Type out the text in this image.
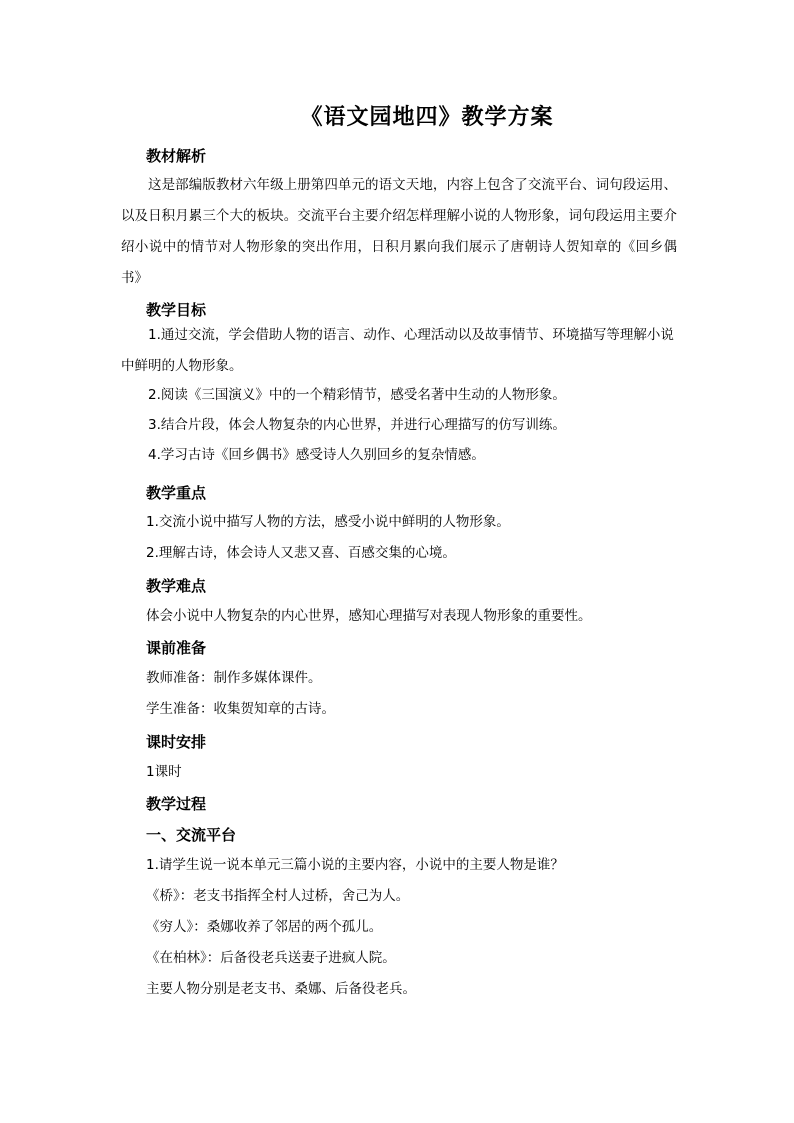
《语文园地四》教学方案
教材解析
这是部编版教材六年级上册第四单元的语文天地，内容上包含了交流平台、词句段运用、以及日积月累三个大的板块。交流平台主要介绍怎样理解小说的人物形象，词句段运用主要介绍小说中的情节对人物形象的突出作用，日积月累向我们展示了唐朝诗人贺知章的《回乡偶书》
教学目标
1.通过交流，学会借助人物的语言、动作、心理活动以及故事情节、环境描写等理解小说中鲜明的人物形象。
2.阅读《三国演义》中的一个精彩情节，感受名著中生动的人物形象。
3.结合片段，体会人物复杂的内心世界，并进行心理描写的仿写训练。
4.学习古诗《回乡偶书》感受诗人久别回乡的复杂情感。
教学重点
1.交流小说中描写人物的方法，感受小说中鲜明的人物形象。
2.理解古诗，体会诗人又悲又喜、百感交集的心境。
教学难点
体会小说中人物复杂的内心世界，感知心理描写对表现人物形象的重要性。
课前准备
教师准备：制作多媒体课件。
学生准备：收集贺知章的古诗。
课时安排
1课时
教学过程
一、交流平台
1.请学生说一说本单元三篇小说的主要内容，小说中的主要人物是谁？
《桥》：老支书指挥全村人过桥，舍己为人。
《穷人》：桑娜收养了邻居的两个孤儿。
《在柏林》：后备役老兵送妻子进疯人院。
主要人物分别是老支书、桑娜、后备役老兵。
